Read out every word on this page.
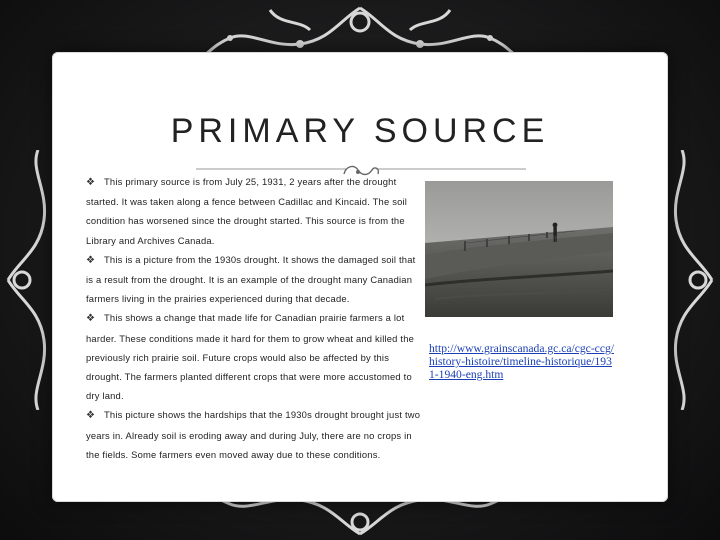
PRIMARY SOURCE

❖ This primary source is from July 25, 1931, 2 years after the drought started. It was taken along a fence between Cadillac and Kincaid. The soil condition has worsened since the drought started. This source is from the Library and Archives Canada.

❖ This is a picture from the 1930s drought. It shows the damaged soil that is a result from the drought. It is an example of the drought many Canadian farmers living in the prairies experienced during that decade.

❖ This shows a change that made life for Canadian prairie farmers a lot harder. These conditions made it hard for them to grow wheat and killed the previously rich prairie soil. Future crops would also be affected by this drought. The farmers planted different crops that were more accustomed to dry land.

❖ This picture shows the hardships that the 1930s drought brought just two years in. Already soil is eroding away and during July, there are no crops in the fields. Some farmers even moved away due to these conditions.

http://www.grainscanada.gc.ca/cgc-ccg/history-histoire/timeline-historique/1931-1940-eng.htm
